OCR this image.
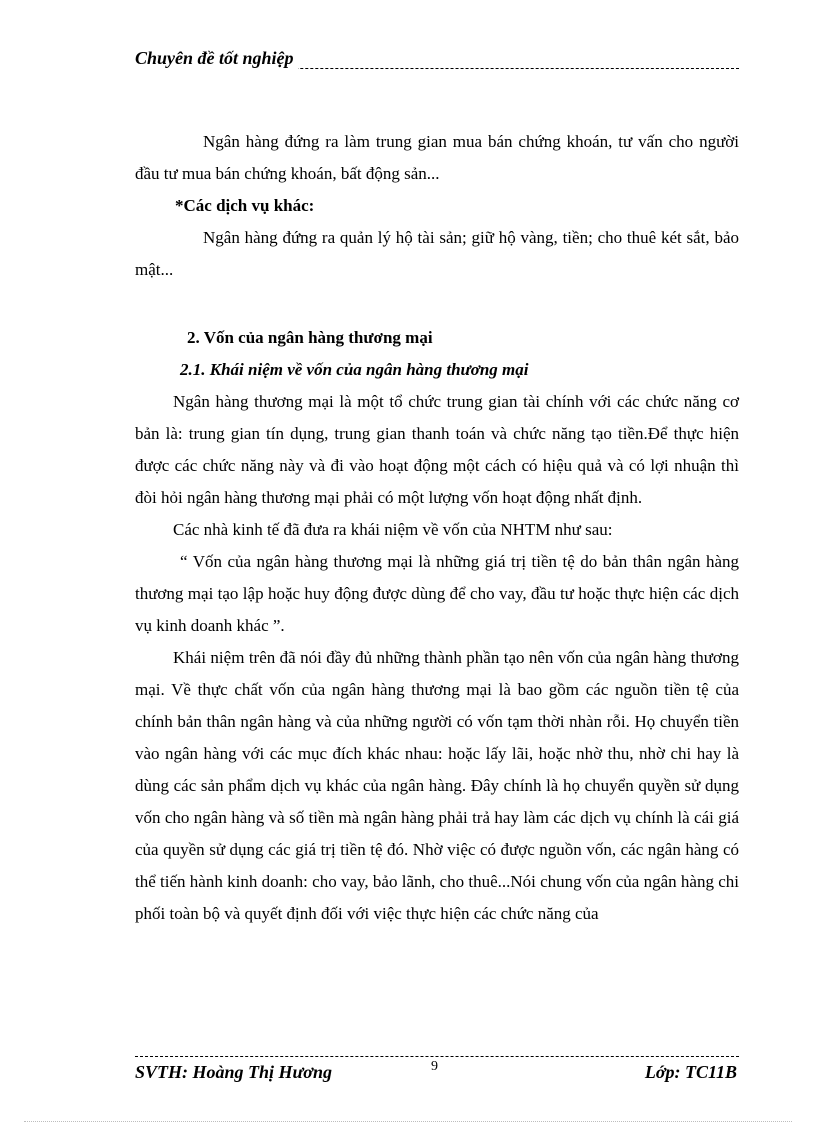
Chuyên đề tốt nghiệp

Ngân hàng đứng ra làm trung gian mua bán chứng khoán, tư vấn cho người đầu tư mua bán chứng khoán, bất động sản...

*Các dịch vụ khác:

Ngân hàng đứng ra quản lý hộ tài sản; giữ hộ vàng, tiền; cho thuê két sắt, bảo mật...

2. Vốn của ngân hàng thương mại

2.1. Khái niệm về vốn của ngân hàng thương mại

Ngân hàng thương mại là một tổ chức trung gian tài chính với các chức năng cơ bản là: trung gian tín dụng, trung gian thanh toán và chức năng tạo tiền.Để thực hiện được các chức năng này và đi vào hoạt động một cách có hiệu quả và có lợi nhuận thì đòi hỏi ngân hàng thương mại phải có một lượng vốn hoạt động nhất định.

Các nhà kinh tế đã đưa ra khái niệm về vốn của NHTM như sau:

“ Vốn của ngân hàng thương mại là những giá trị tiền tệ do bản thân ngân hàng thương mại tạo lập hoặc huy động được dùng để cho vay, đầu tư hoặc thực hiện các dịch vụ kinh doanh khác ”.

Khái niệm trên đã nói đầy đủ những thành phần tạo nên vốn của ngân hàng thương mại. Về thực chất vốn của ngân hàng thương mại là bao gồm các nguồn tiền tệ của chính bản thân ngân hàng và của những người có vốn tạm thời nhàn rỗi. Họ chuyển tiền vào ngân hàng với các mục đích khác nhau: hoặc lấy lãi, hoặc nhờ thu, nhờ chi hay là dùng các sản phẩm dịch vụ khác của ngân hàng. Đây chính là họ chuyển quyền sử dụng vốn cho ngân hàng và số tiền mà ngân hàng phải trả hay làm các dịch vụ chính là cái giá của quyền sử dụng các giá trị tiền tệ đó. Nhờ việc có được nguồn vốn, các ngân hàng có thể tiến hành kinh doanh: cho vay, bảo lãnh, cho thuê...Nói chung vốn của ngân hàng chi phối toàn bộ và quyết định đối với việc thực hiện các chức năng của

SVTH: Hoàng Thị Hương	9	Lớp: TC11B
